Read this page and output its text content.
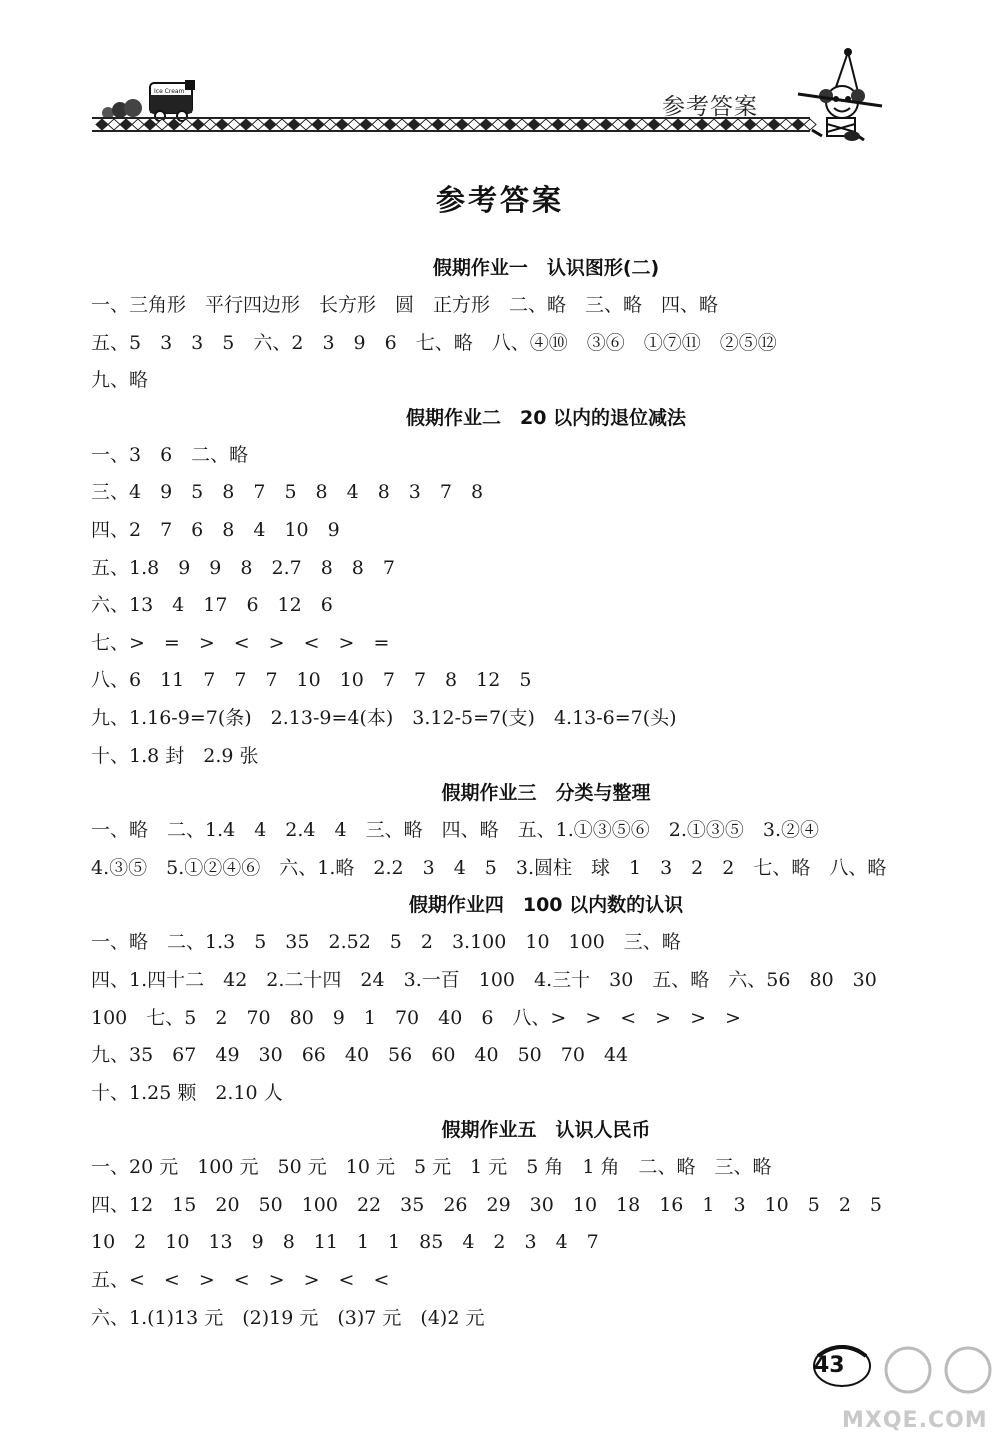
Ice Cream
参考答案
参考答案
假期作业一　认识图形(二)
一、三角形　平行四边形　长方形　圆　正方形　二、略　三、略　四、略
五、5　3　3　5　六、2　3　9　6　七、略　八、④⑩　③⑥　①⑦⑪　②⑤⑫
九、略
假期作业二　20 以内的退位减法
一、3　6　二、略
三、4　9　5　8　7　5　8　4　8　3　7　8
四、2　7　6　8　4　10　9
五、1.8　9　9　8　2.7　8　8　7
六、13　4　17　6　12　6
七、>　=　>　<　>　<　>　=
八、6　11　7　7　7　10　10　7　7　8　12　5
九、1.16-9=7(条)　2.13-9=4(本)　3.12-5=7(支)　4.13-6=7(头)
十、1.8 封　2.9 张
假期作业三　分类与整理
一、略　二、1.4　4　2.4　4　三、略　四、略　五、1.①③⑤⑥　2.①③⑤　3.②④
4.③⑤　5.①②④⑥　六、1.略　2.2　3　4　5　3.圆柱　球　1　3　2　2　七、略　八、略
假期作业四　100 以内数的认识
一、略　二、1.3　5　35　2.52　5　2　3.100　10　100　三、略
四、1.四十二　42　2.二十四　24　3.一百　100　4.三十　30　五、略　六、56　80　30
100　七、5　2　70　80　9　1　70　40　6　八、>　>　<　>　>　>
九、35　67　49　30　66　40　56　60　40　50　70　44
十、1.25 颗　2.10 人
假期作业五　认识人民币
一、20 元　100 元　50 元　10 元　5 元　1 元　5 角　1 角　二、略　三、略
四、12　15　20　50　100　22　35　26　29　30　10　18　16　1　3　10　5　2　5
10　2　10　13　9　8　11　1　1　85　4　2　3　4　7
五、<　<　>　<　>　>　<　<
六、1.(1)13 元　(2)19 元　(3)7 元　(4)2 元
43
MXQE.COM
